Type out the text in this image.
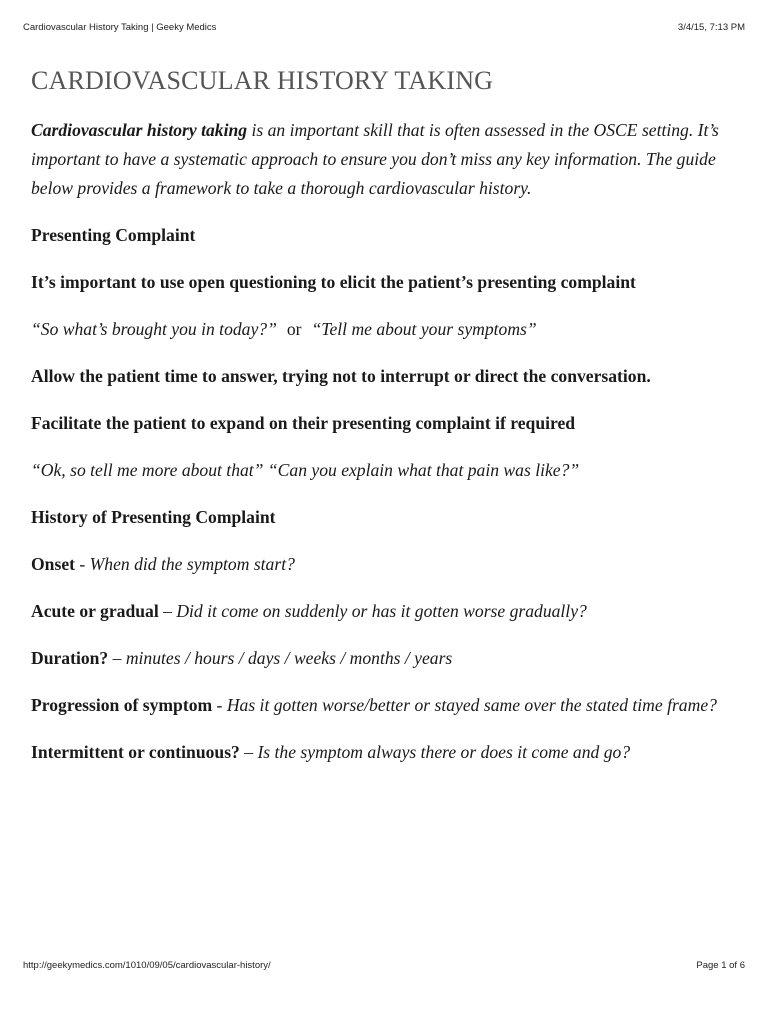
Cardiovascular History Taking | Geeky Medics	3/4/15, 7:13 PM
CARDIOVASCULAR HISTORY TAKING

Cardiovascular history taking is an important skill that is often assessed in the OSCE setting. It’s important to have a systematic approach to ensure you don’t miss any key information. The guide below provides a framework to take a thorough cardiovascular history.

Presenting Complaint

It’s important to use open questioning to elicit the patient’s presenting complaint

“So what’s brought you in today?” or “Tell me about your symptoms”

Allow the patient time to answer, trying not to interrupt or direct the conversation.

Facilitate the patient to expand on their presenting complaint if required

“Ok, so tell me more about that” “Can you explain what that pain was like?”

History of Presenting Complaint

Onset - When did the symptom start?

Acute or gradual – Did it come on suddenly or has it gotten worse gradually?

Duration? – minutes / hours / days / weeks / months / years

Progression of symptom - Has it gotten worse/better or stayed same over the stated time frame?

Intermittent or continuous? – Is the symptom always there or does it come and go?

http://geekymedics.com/1010/09/05/cardiovascular-history/	Page 1 of 6
